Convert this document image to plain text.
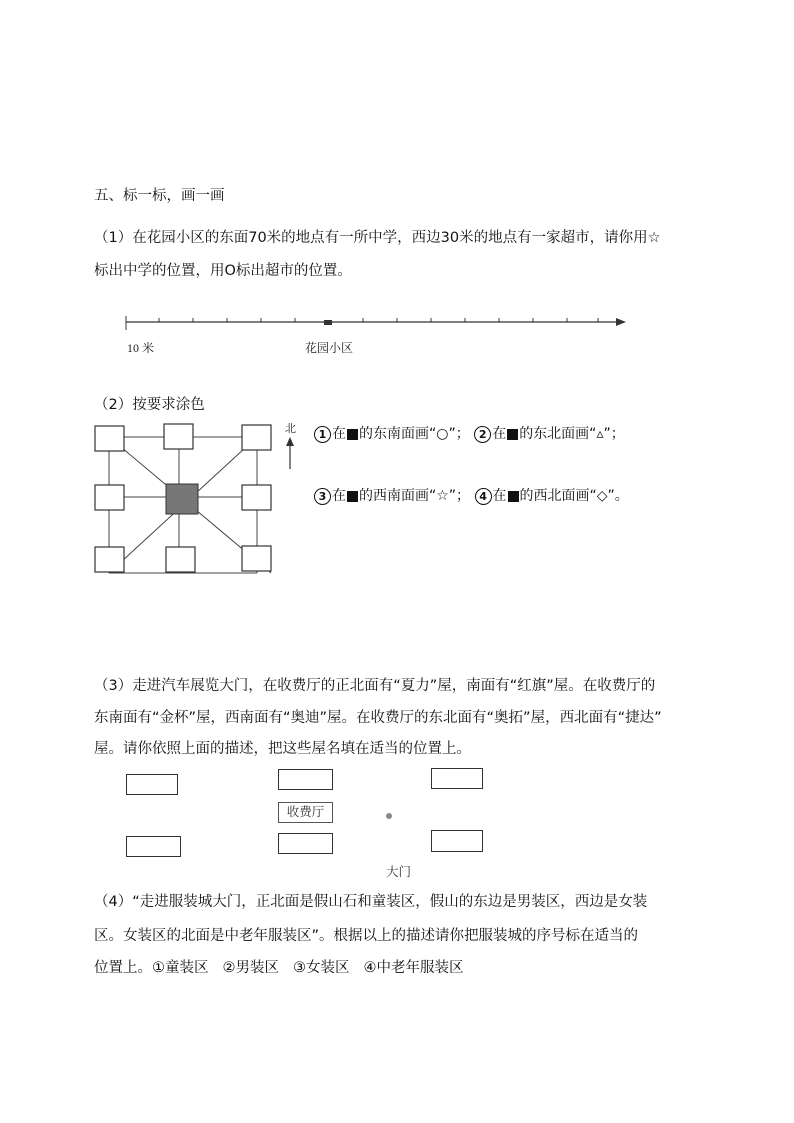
五、标一标，画一画
（1）在花园小区的东面70米的地点有一所中学，西边30米的地点有一家超市，请你用☆
标出中学的位置，用O标出超市的位置。
10 米	花园小区
北
（2）按要求涂色
1 在 的东南面画“○”； 2 在 的东北面画“▵”；
3 在 的西南面画“☆”； 4 在 的西北面画“◇”。
（3）走进汽车展览大门，在收费厅的正北面有“夏力”屋，南面有“红旗”屋。在收费厅的
东南面有“金杯”屋，西南面有“奥迪”屋。在收费厅的东北面有“奥拓”屋，西北面有“捷达”
屋。请你依照上面的描述，把这些屋名填在适当的位置上。
收费厅
大门
（4）“走进服装城大门，正北面是假山石和童装区，假山的东边是男装区，西边是女装
区。女装区的北面是中老年服装区”。根据以上的描述请你把服装城的序号标在适当的
位置上。①童装区 ②男装区 ③女装区 ④中老年服装区
